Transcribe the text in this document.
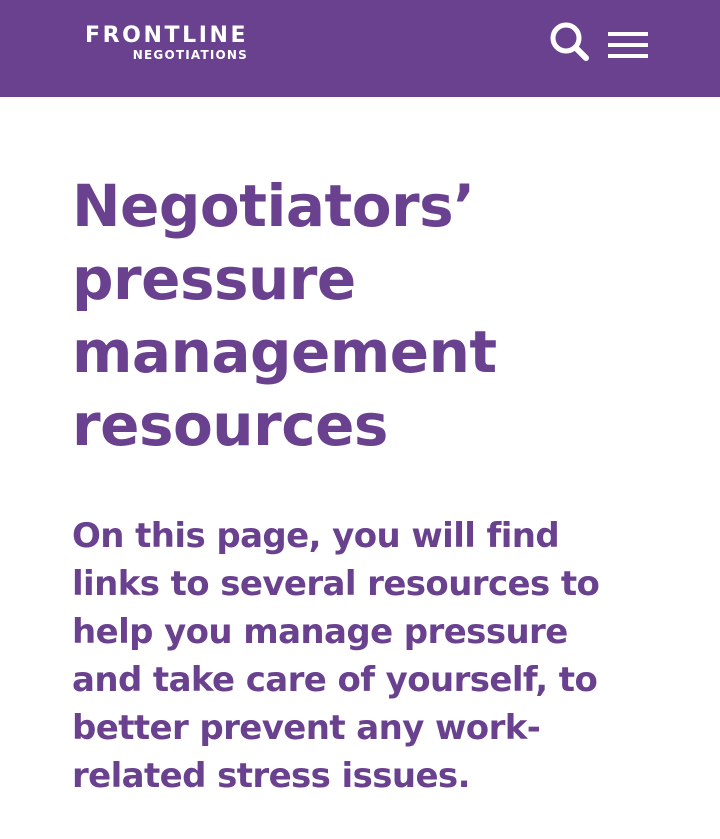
FRONTLINE
NEGOTIATIONS
Negotiators’
pressure
management
resources

On this page, you will find
links to several resources to
help you manage pressure
and take care of yourself, to
better prevent any work-
related stress issues.
